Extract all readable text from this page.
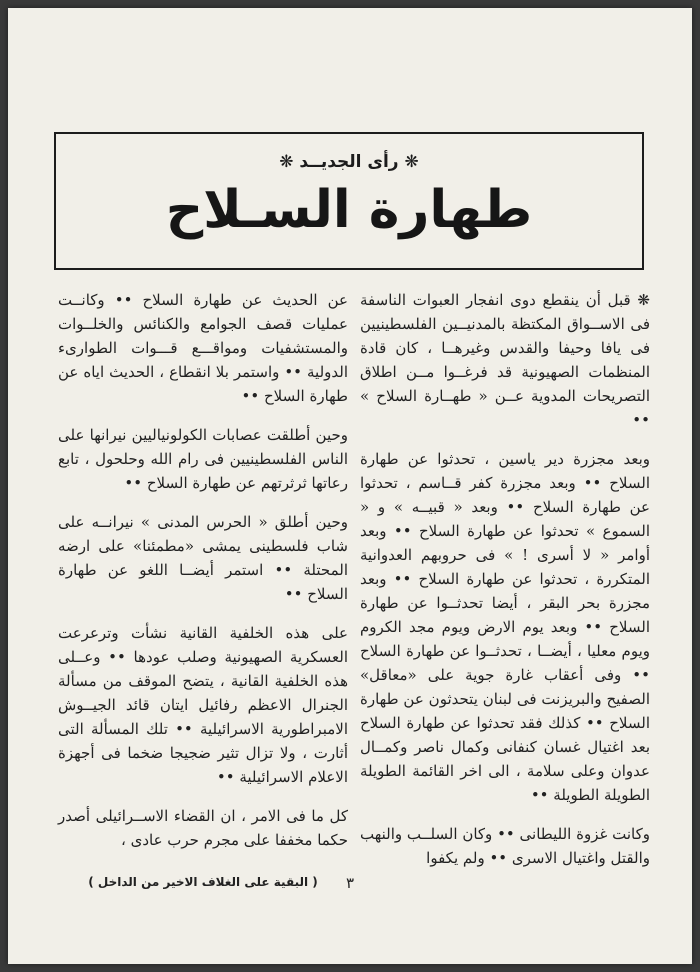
❋ رأى الجديــد ❋
طهارة السـلاح

❋ قبل أن ينقطع دوى انفجار العبوات الناسفة فى الاســواق المكتظة بالمدنيــين الفلسطينيين فى يافا وحيفا والقدس وغيرهــا ، كان قادة المنظمات الصهيونية قد فرغــوا مــن اطلاق التصريحات المدوية عــن « طهــارة السلاح » ••

وبعد مجزرة دير ياسين ، تحدثوا عن طهارة السلاح •• وبعد مجزرة كفر قــاسم ، تحدثوا عن طهارة السلاح •• وبعد « قبيــه » و « السموع » تحدثوا عن طهارة السلاح •• وبعد أوامر « لا أسرى ! » فى حروبهم العدوانية المتكررة ، تحدثوا عن طهارة السلاح •• وبعد مجزرة بحر البقر ، أيضا تحدثــوا عن طهارة السلاح •• وبعد يوم الارض ويوم مجد الكروم ويوم معليا ، أيضــا ، تحدثــوا عن طهارة السلاح •• وفى أعقاب غارة جوية على «معاقل» الصفيح والبريزنت فى لبنان يتحدثون عن طهارة السلاح •• كذلك فقد تحدثوا عن طهارة السلاح بعد اغتيال غسان كنفانى وكمال ناصر وكمــال عدوان وعلى سلامة ، الى اخر القائمة الطويلة الطويلة الطويلة ••

وكانت غزوة الليطانى •• وكان السلــب والنهب والقتل واغتيال الاسرى •• ولم يكفوا

عن الحديث عن طهارة السلاح •• وكانــت عمليات قصف الجوامع والكنائس والخلــوات والمستشفيات ومواقـــع قـــوات الطوارىء الدولية •• واستمر بلا انقطاع ، الحديث اياه عن طهارة السلاح ••

وحين أطلقت عصابات الكولونياليين نيرانها على الناس الفلسطينيين فى رام الله وحلحول ، تابع رعاتها ثرثرتهم عن طهارة السلاح ••

وحين أطلق « الحرس المدنى » نيرانــه على شاب فلسطينى يمشى «مطمئنا» على ارضه المحتلة •• استمر أيضــا اللغو عن طهارة السلاح ••

على هذه الخلفية القانية نشأت وترعرعت العسكرية الصهيونية وصلب عودها •• وعــلى هذه الخلفية القانية ، يتضح الموقف من مسألة الجنرال الاعظم رفائيل ايتان قائد الجيــوش الامبراطورية الاسرائيلية •• تلك المسألة التى أثارت ، ولا تزال تثير ضجيجا ضخما فى أجهزة الاعلام الاسرائيلية ••

كل ما فى الامر ، ان القضاء الاســرائيلى أصدر حكما مخففا على مجرم حرب عادى ،

( البقية على الغلاف الاخير من الداخل )	٣
